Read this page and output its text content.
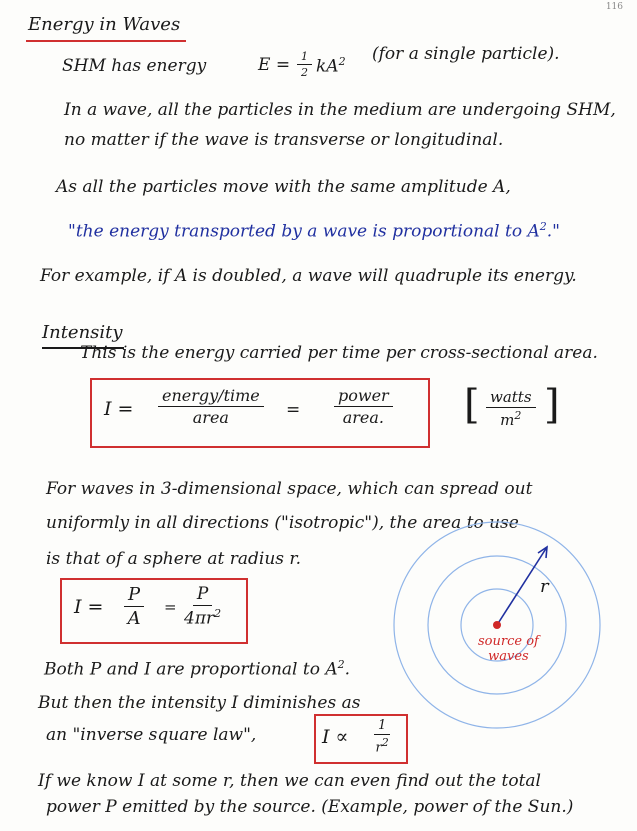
116
Energy in Waves
SHM has energy	$E = \frac{1}{2} kA^2$ (for a single particle).
In a wave, all the particles in the medium are undergoing SHM,
no matter if the wave is transverse or longitudinal.
As all the particles move with the same amplitude A,
"the energy transported by a wave is proportional to $A^2$."
For example, if A is doubled, a wave will quadruple its energy.
Intensity
This is the energy carried per time per cross-sectional area.
I =
energy/time
area	=
power
area. [ watts
$m^2$ ]
For waves in 3-dimensional space, which can spread out
uniformly in all directions ("isotropic"), the area to use
is that of a sphere at radius r.
$I = \frac{P}{A} = \frac{P}{4\pi r^2}$	r
source of
waves
Both P and I are proportional to $A^2$.
But then the intensity I diminishes as
an "inverse square law",	$I \propto \frac{1}{r^2}$
If we know I at some r, then we can even find out the total
power P emitted by the source. (Example, power of the Sun.)
